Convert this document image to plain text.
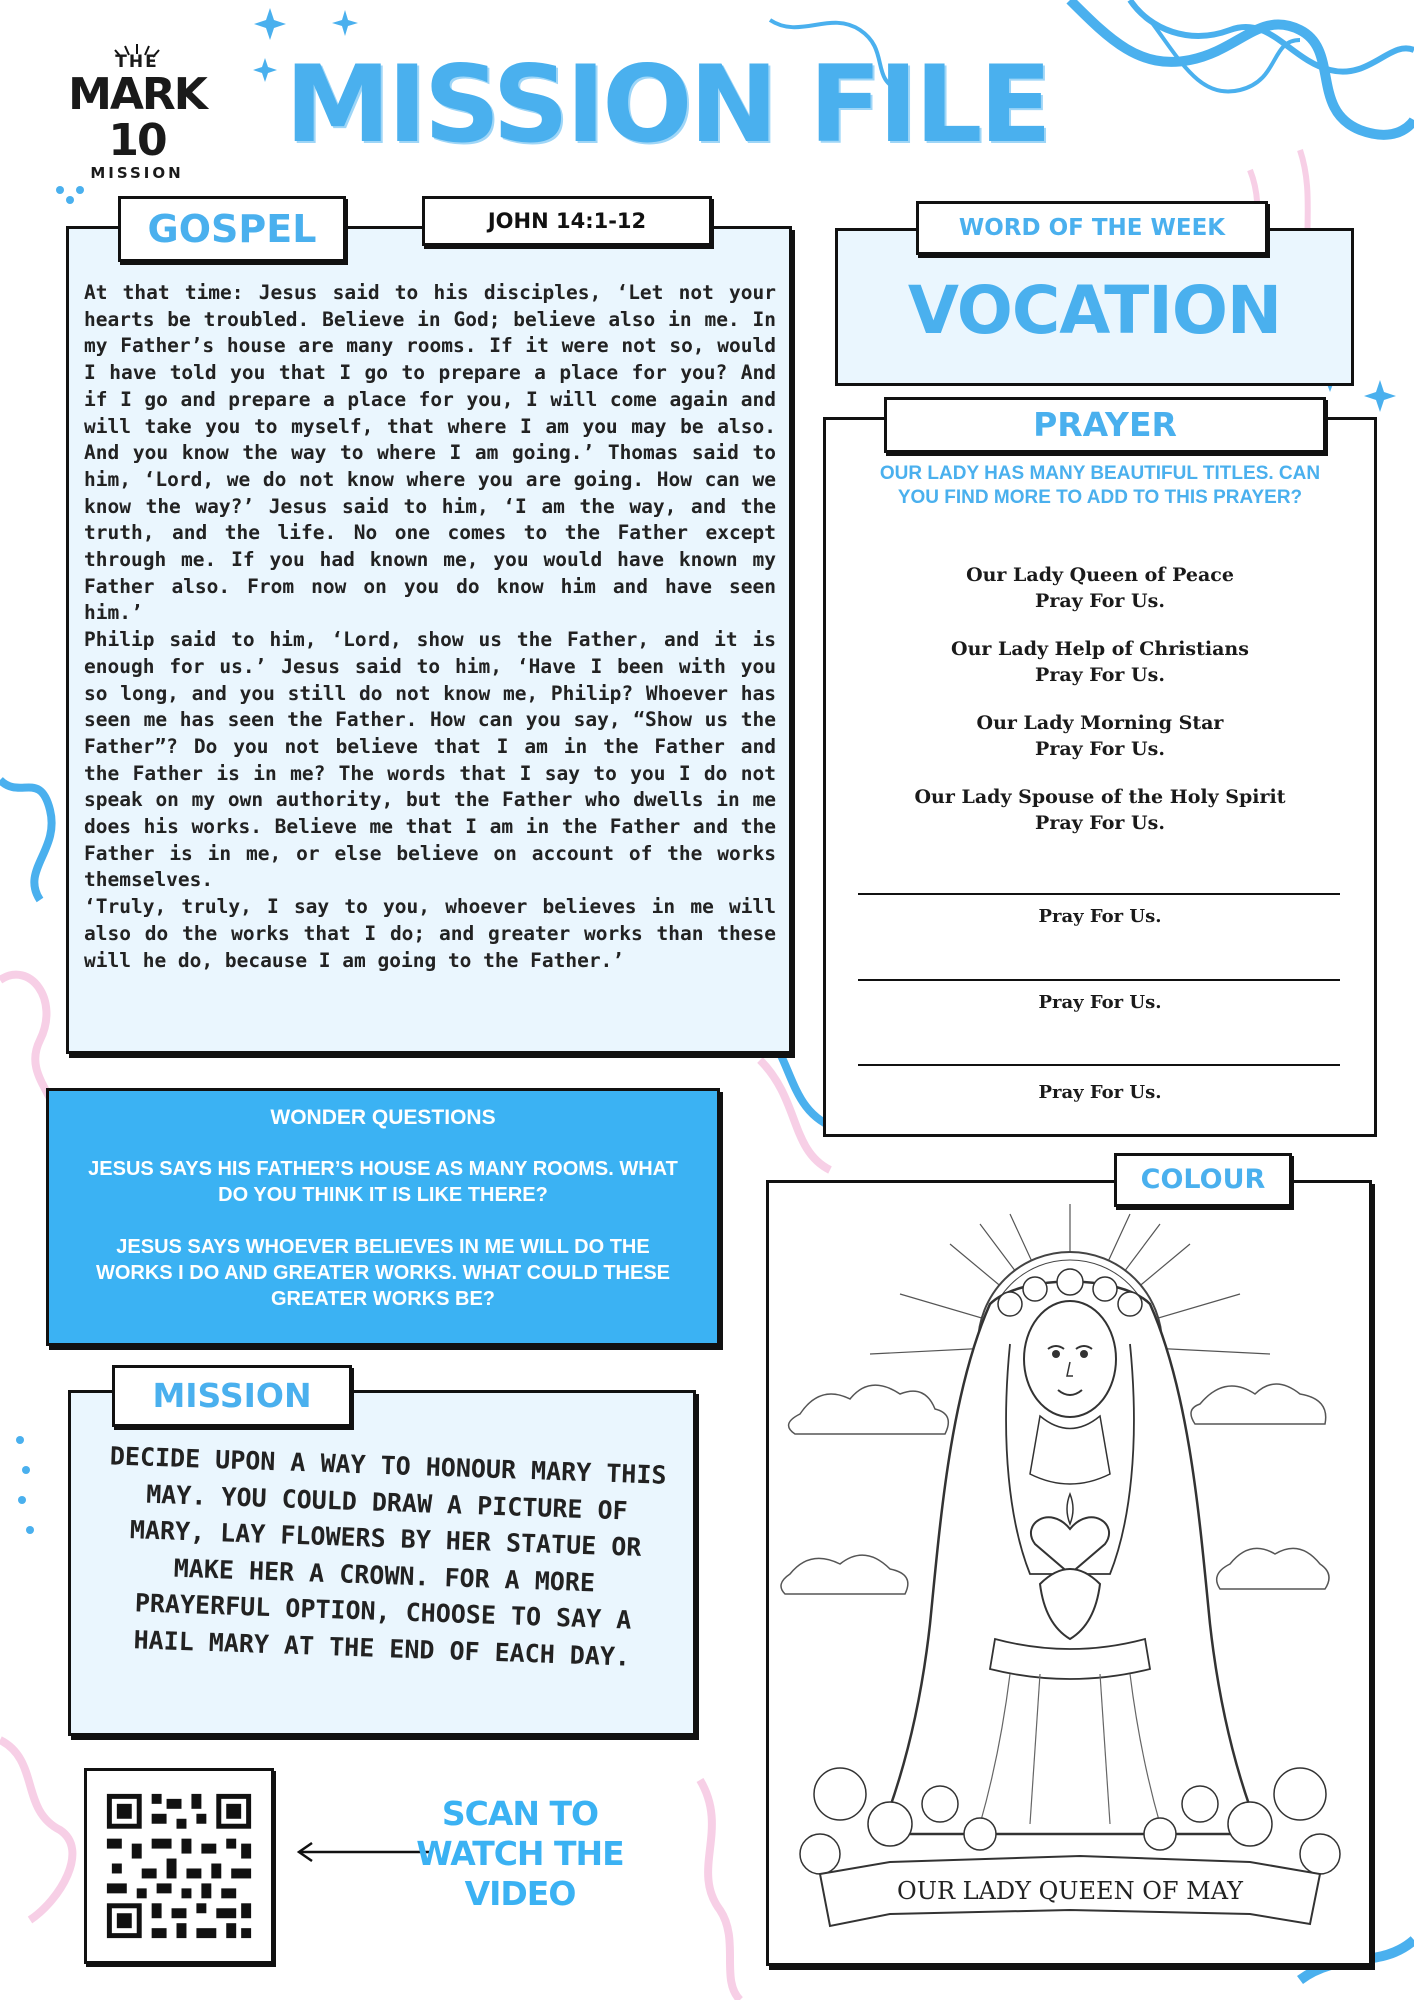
THE
MARK 10
MISSION
MISSION FILE
GOSPEL	JOHN 14:1-12

At that time: Jesus said to his disciples, ‘Let not your hearts be troubled. Believe in God; believe also in me. In my Father’s house are many rooms. If it were not so, would I have told you that I go to prepare a place for you? And if I go and prepare a place for you, I will come again and will take you to myself, that where I am you may be also. And you know the way to where I am going.’ Thomas said to him, ‘Lord, we do not know where you are going. How can we know the way?’ Jesus said to him, ‘I am the way, and the truth, and the life. No one comes to the Father except through me. If you had known me, you would have known my Father also. From now on you do know him and have seen him.’

Philip said to him, ‘Lord, show us the Father, and it is enough for us.’ Jesus said to him, ‘Have I been with you so long, and you still do not know me, Philip? Whoever has seen me has seen the Father. How can you say, “Show us the Father”? Do you not believe that I am in the Father and the Father is in me? The words that I say to you I do not speak on my own authority, but the Father who dwells in me does his works. Believe me that I am in the Father and the Father is in me, or else believe on account of the works themselves.

‘Truly, truly, I say to you, whoever believes in me will also do the works that I do; and greater works than these will he do, because I am going to the Father.’

WORD OF THE WEEK
VOCATION
PRAYER
OUR LADY HAS MANY BEAUTIFUL TITLES. CAN YOU FIND MORE TO ADD TO THIS PRAYER?
Our Lady Queen of Peace
Pray For Us.
Our Lady Help of Christians
Pray For Us.
Our Lady Morning Star
Pray For Us.
Our Lady Spouse of the Holy Spirit
Pray For Us.
Pray For Us.
Pray For Us.
Pray For Us.
WONDER QUESTIONS
JESUS SAYS HIS FATHER’S HOUSE AS MANY ROOMS. WHAT DO YOU THINK IT IS LIKE THERE?
JESUS SAYS WHOEVER BELIEVES IN ME WILL DO THE WORKS I DO AND GREATER WORKS. WHAT COULD THESE GREATER WORKS BE?
MISSION
DECIDE UPON A WAY TO HONOUR MARY THIS MAY. YOU COULD DRAW A PICTURE OF MARY, LAY FLOWERS BY HER STATUE OR MAKE HER A CROWN. FOR A MORE PRAYERFUL OPTION, CHOOSE TO SAY A HAIL MARY AT THE END OF EACH DAY.
COLOUR
OUR LADY QUEEN OF MAY
SCAN TO WATCH THE VIDEO
